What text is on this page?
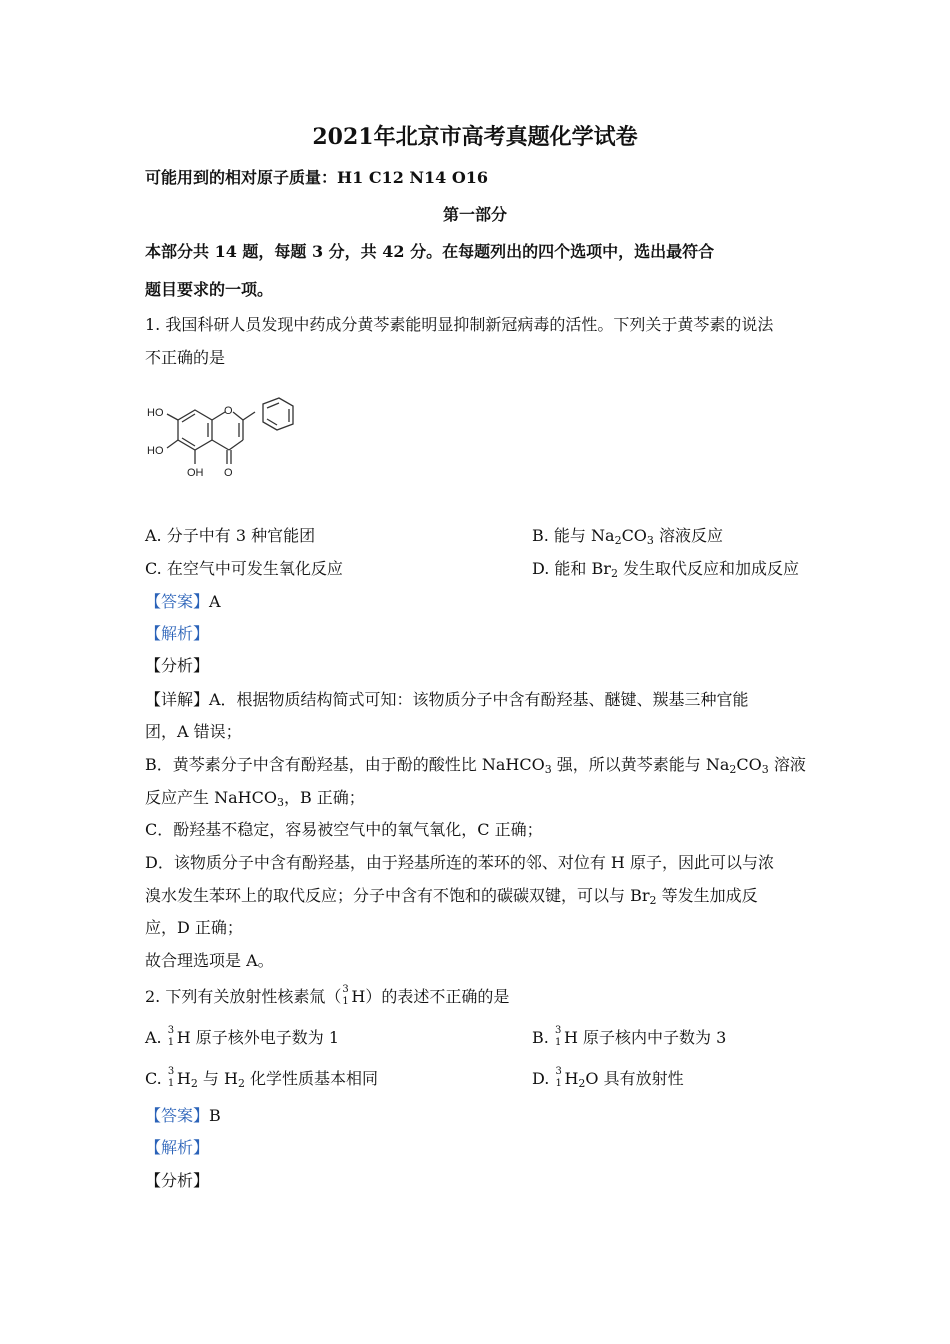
2021年北京市高考真题化学试卷
可能用到的相对原子质量：H1 C12 N14 O16
第一部分
本部分共 14 题，每题 3 分，共 42 分。在每题列出的四个选项中，选出最符合
题目要求的一项。
1. 我国科研人员发现中药成分黄芩素能明显抑制新冠病毒的活性。下列关于黄芩素的说法
不正确的是
HO
HO
OH
O
O
A. 分子中有 3 种官能团	B. 能与 $Na_2CO_3$ 溶液反应
C. 在空气中可发生氧化反应	D. 能和 $Br_2$ 发生取代反应和加成反应
【答案】A
【解析】
【分析】
【详解】A．根据物质结构简式可知：该物质分子中含有酚羟基、醚键、羰基三种官能
团，A 错误；
B．黄芩素分子中含有酚羟基，由于酚的酸性比 NaHCO$_3$ 强，所以黄芩素能与 $Na_2CO_3$ 溶液
反应产生 NaHCO$_3$，B 正确；
C．酚羟基不稳定，容易被空气中的氧气氧化，C 正确；
D．该物质分子中含有酚羟基，由于羟基所连的苯环的邻、对位有 H 原子，因此可以与浓
溴水发生苯环上的取代反应；分子中含有不饱和的碳碳双键，可以与 $Br_2$ 等发生加成反
应，D 正确；
故合理选项是 A。
2. 下列有关放射性核素氚（ 3
1 H）的表述不正确的是
A. 3
1 H 原子核外电子数为 1	B. 3
1 H 原子核内中子数为 3
C. 3
1 $H_2$ 与 $H_2$ 化学性质基本相同	D. 3
1 $H_2O$ 具有放射性
【答案】B
【解析】
【分析】
